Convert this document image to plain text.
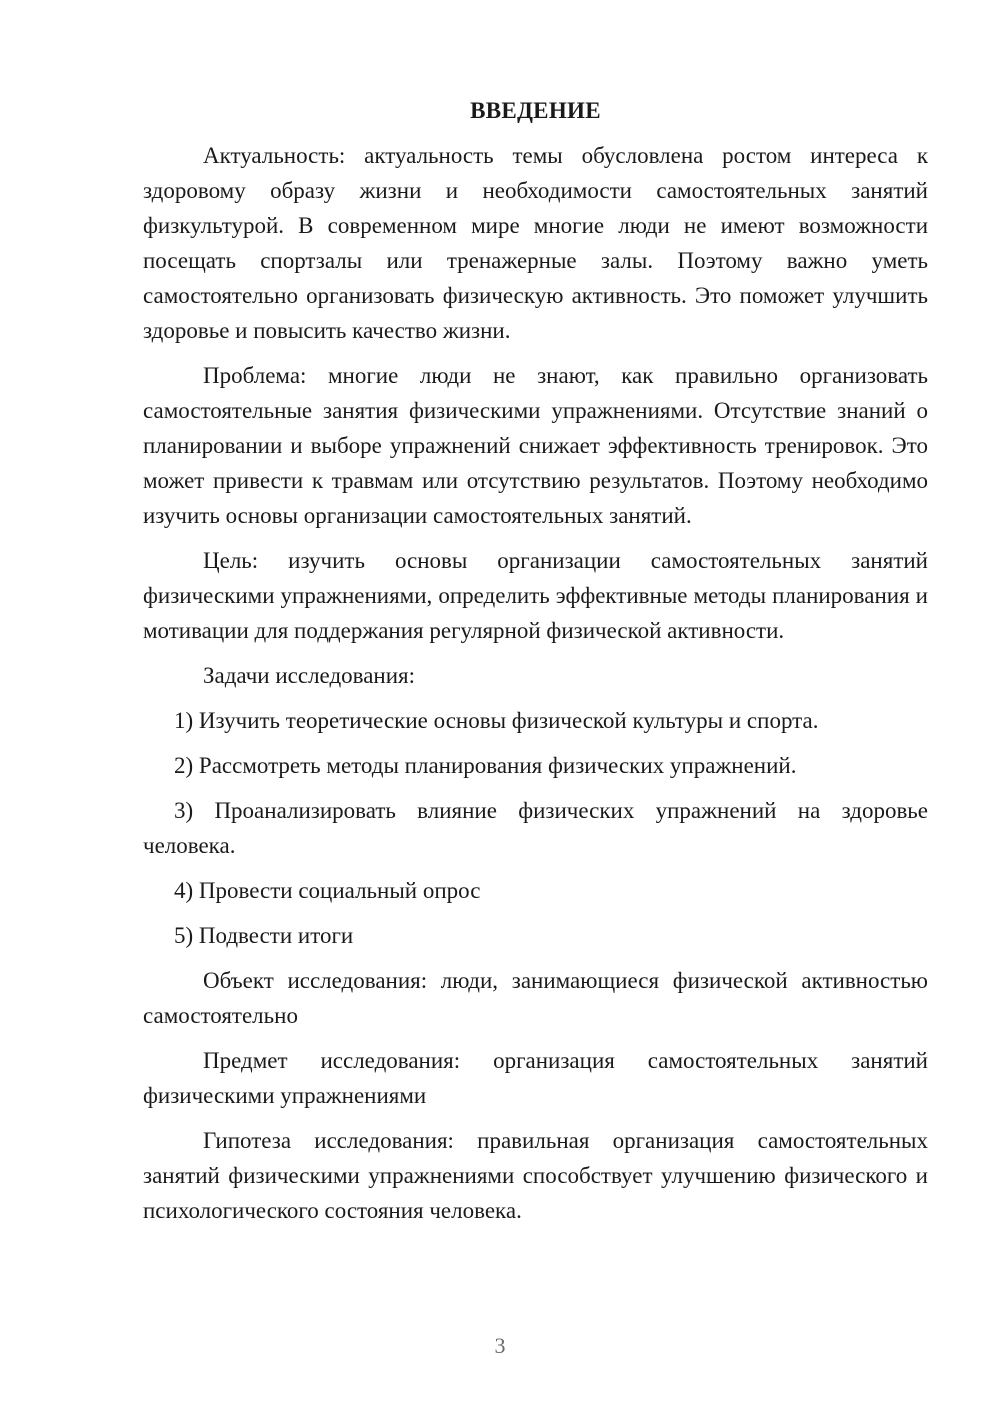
ВВЕДЕНИЕ

Актуальность: актуальность темы обусловлена ростом интереса к здоровому образу жизни и необходимости самостоятельных занятий физкультурой. В современном мире многие люди не имеют возможности посещать спортзалы или тренажерные залы. Поэтому важно уметь самостоятельно организовать физическую активность. Это поможет улучшить здоровье и повысить качество жизни.

Проблема: многие люди не знают, как правильно организовать самостоятельные занятия физическими упражнениями. Отсутствие знаний о планировании и выборе упражнений снижает эффективность тренировок. Это может привести к травмам или отсутствию результатов. Поэтому необходимо изучить основы организации самостоятельных занятий.

Цель: изучить основы организации самостоятельных занятий физическими упражнениями, определить эффективные методы планирования и мотивации для поддержания регулярной физической активности.

Задачи исследования:

1) Изучить теоретические основы физической культуры и спорта.

2) Рассмотреть методы планирования физических упражнений.

3) Проанализировать влияние физических упражнений на здоровье человека.

4) Провести социальный опрос

5) Подвести итоги

Объект исследования: люди, занимающиеся физической активностью самостоятельно

Предмет исследования: организация самостоятельных занятий физическими упражнениями

Гипотеза исследования: правильная организация самостоятельных занятий физическими упражнениями способствует улучшению физического и психологического состояния человека.

3
